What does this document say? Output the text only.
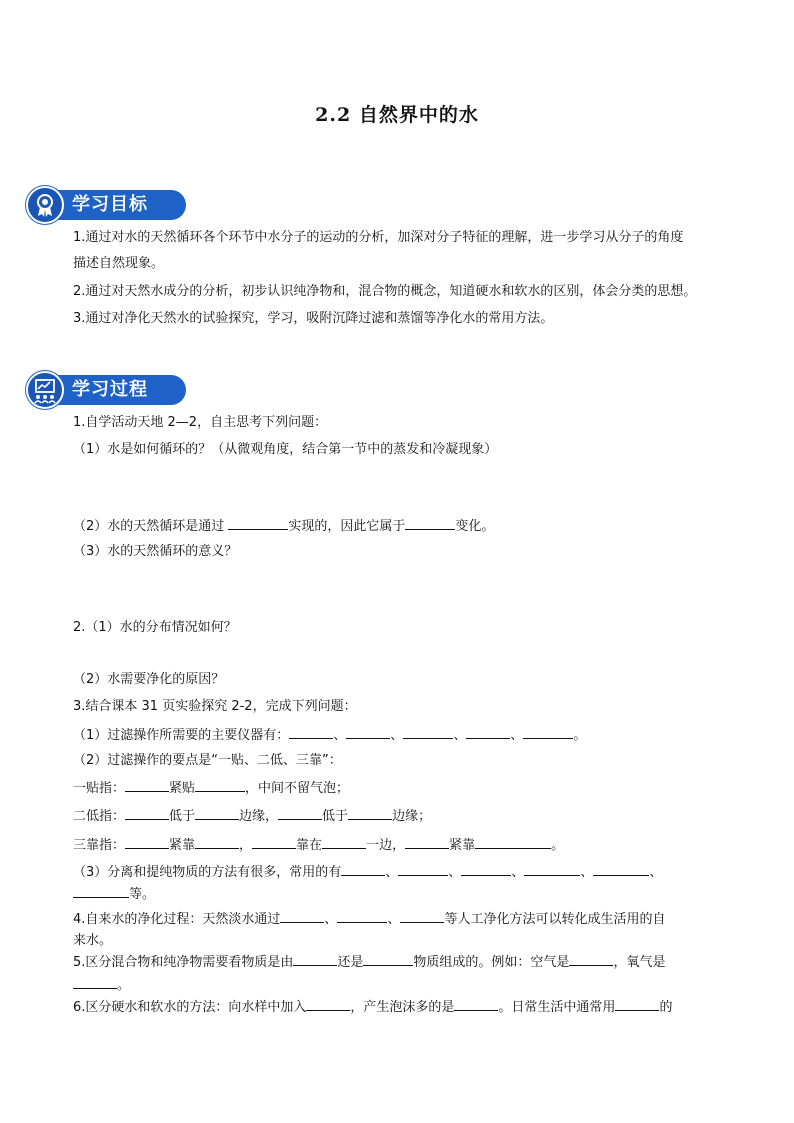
2.2 自然界中的水
学习目标
1.通过对水的天然循环各个环节中水分子的运动的分析，加深对分子特征的理解，进一步学习从分子的角度
描述自然现象。
2.通过对天然水成分的分析，初步认识纯净物和，混合物的概念，知道硬水和软水的区别，体会分类的思想。
3.通过对净化天然水的试验探究，学习，吸附沉降过滤和蒸馏等净化水的常用方法。
学习过程
1.自学活动天地 2—2，自主思考下列问题：
（1）水是如何循环的？（从微观角度，结合第一节中的蒸发和冷凝现象）
（2）水的天然循环是通过	实现的，因此它属于	变化。
（3）水的天然循环的意义？
2.（1）水的分布情况如何？
（2）水需要净化的原因？
3.结合课本 31 页实验探究 2-2，完成下列问题：
（1）过滤操作所需要的主要仪器有：	、	、	、	、	。
（2）过滤操作的要点是“一贴、二低、三靠”：
一贴指：	紧贴	，中间不留气泡；
二低指：	低于	边缘，	低于	边缘；
三靠指：	紧靠	，	靠在	一边，	紧靠	。
（3）分离和提纯物质的方法有很多，常用的有	、	、	、	、	、
等。
4.自来水的净化过程：天然淡水通过	、	、	等人工净化方法可以转化成生活用的自
来水。
5.区分混合物和纯净物需要看物质是由	还是	物质组成的。例如：空气是	，氧气是
。
6.区分硬水和软水的方法：向水样中加入	，产生泡沫多的是	。日常生活中通常用	的
